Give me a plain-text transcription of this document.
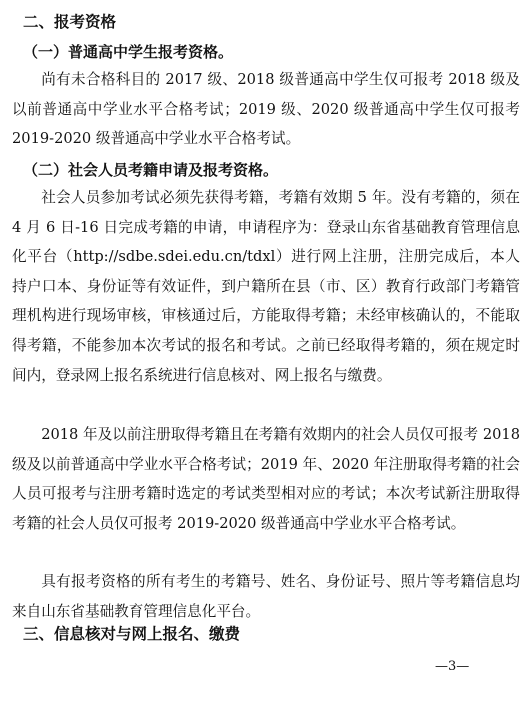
二、报考资格
（一）普通高中学生报考资格。

尚有未合格科目的 2017 级、2018 级普通高中学生仅可报考 2018 级及以前普通高中学业水平合格考试；2019 级、2020 级普通高中学生仅可报考 2019-2020 级普通高中学业水平合格考试。

（二）社会人员考籍申请及报考资格。

社会人员参加考试必须先获得考籍，考籍有效期 5 年。没有考籍的，须在 4 月 6 日-16 日完成考籍的申请，申请程序为：登录山东省基础教育管理信息化平台（http://sdbe.sdei.edu.cn/tdxl）进行网上注册，注册完成后，本人持户口本、身份证等有效证件，到户籍所在县（市、区）教育行政部门考籍管理机构进行现场审核，审核通过后，方能取得考籍；未经审核确认的，不能取得考籍，不能参加本次考试的报名和考试。之前已经取得考籍的，须在规定时间内，登录网上报名系统进行信息核对、网上报名与缴费。

2018 年及以前注册取得考籍且在考籍有效期内的社会人员仅可报考 2018 级及以前普通高中学业水平合格考试；2019 年、2020 年注册取得考籍的社会人员可报考与注册考籍时选定的考试类型相对应的考试；本次考试新注册取得考籍的社会人员仅可报考 2019-2020 级普通高中学业水平合格考试。

具有报考资格的所有考生的考籍号、姓名、身份证号、照片等考籍信息均来自山东省基础教育管理信息化平台。

三、信息核对与网上报名、缴费
—3—
